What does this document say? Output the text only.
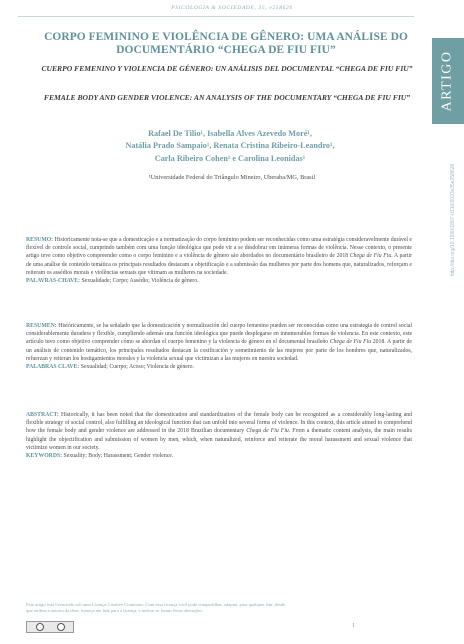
PSICOLOGIA & SOCIEDADE, 35, e258626
ARTIGO
http://doi.org/10.1590/1807-0310/2023v35e258626
CORPO FEMININO E VIOLÊNCIA DE GÊNERO: UMA ANÁLISE DO DOCUMENTÁRIO “CHEGA DE FIU FIU”
CUERPO FEMENINO Y VIOLENCIA DE GÉNERO: UN ANÁLISIS DEL DOCUMENTAL “CHEGA DE FIU FIU”
FEMALE BODY AND GENDER VIOLENCE: AN ANALYSIS OF THE DOCUMENTARY “CHEGA DE FIU FIU”
Rafael De Tilio¹, Isabella Alves Azevedo Moré¹,
Natália Prado Sampaio¹, Renata Cristina Ribeiro-Leandro¹,
Carla Ribeiro Cohen¹ e Carolina Leonidas¹
¹Universidade Federal do Triângulo Mineiro, Uberaba/MG, Brasil

RESUMO: Historicamente nota-se que a domesticação e a normatização do corpo feminino podem ser reconhecidas como uma estratégia consideravelmente durável e flexível de controle social, cumprindo também com uma função ideológica que pode vir a se desdobrar em inúmeras formas de violência. Nesse contexto, o presente artigo teve como objetivo compreender como o corpo feminino e a violência de gênero são abordados no documentário brasileiro de 2018 Chega de Fiu Fiu. A partir de uma análise de conteúdo temática os principais resultados destacam a objetificação e a submissão das mulheres por parte dos homens que, naturalizados, reforçam e reiteram os assédios morais e violências sexuais que vitimam as mulheres na sociedade.

PALAVRAS-CHAVE: Sexualidade; Corpo; Assédio; Violência de gênero.

RESUMEN: Históricamente, se ha señalado que la domesticación y normalización del cuerpo femenino pueden ser reconocidas como una estrategia de control social considerablemente duradera y flexible, cumpliendo además una función ideológica que puede desplegarse en innumerables formas de violencia. En este contexto, este artículo tuvo como objetivo comprender cómo se abordan el cuerpo femenino y la violencia de género en el documental brasileño Chega de Fiu Fiu 2018. A partir de un análisis de contenido temático, los principales resultados destacan la cosificación y sometimiento de las mujeres por parte de los hombres que, naturalizados, refuerzan y reiteran los hostigamientos morales y la violencia sexual que victimizan a las mujeres en nuestra sociedad.

PALABRAS CLAVE: Sexualidad; Cuerpo; Acoso; Violencia de género.

ABSTRACT: Historically, it has been noted that the domestication and standardization of the female body can be recognized as a considerably long-lasting and flexible strategy of social control, also fulfilling an ideological function that can unfold into several forms of violence. In this context, this article aimed to comprehend how the female body and gender violence are addressed in the 2018 Brazilian documentary Chega de Fiu Fiu. From a thematic content analysis, the main results highlight the objectification and submission of women by men, which, when naturalized, reinforce and reiterate the moral harassment and sexual violence that victimize women in our society.

KEYWORDS: Sexuality; Body; Harassment; Gender violence.

Este artigo está licenciado sob uma Licença Creative Commons. Com essa licença você pode compartilhar, adaptar, para qualquer fim, desde que atribua a autoria da obra, forneça um link para a licença, e indicar se foram feitas alterações.
1
